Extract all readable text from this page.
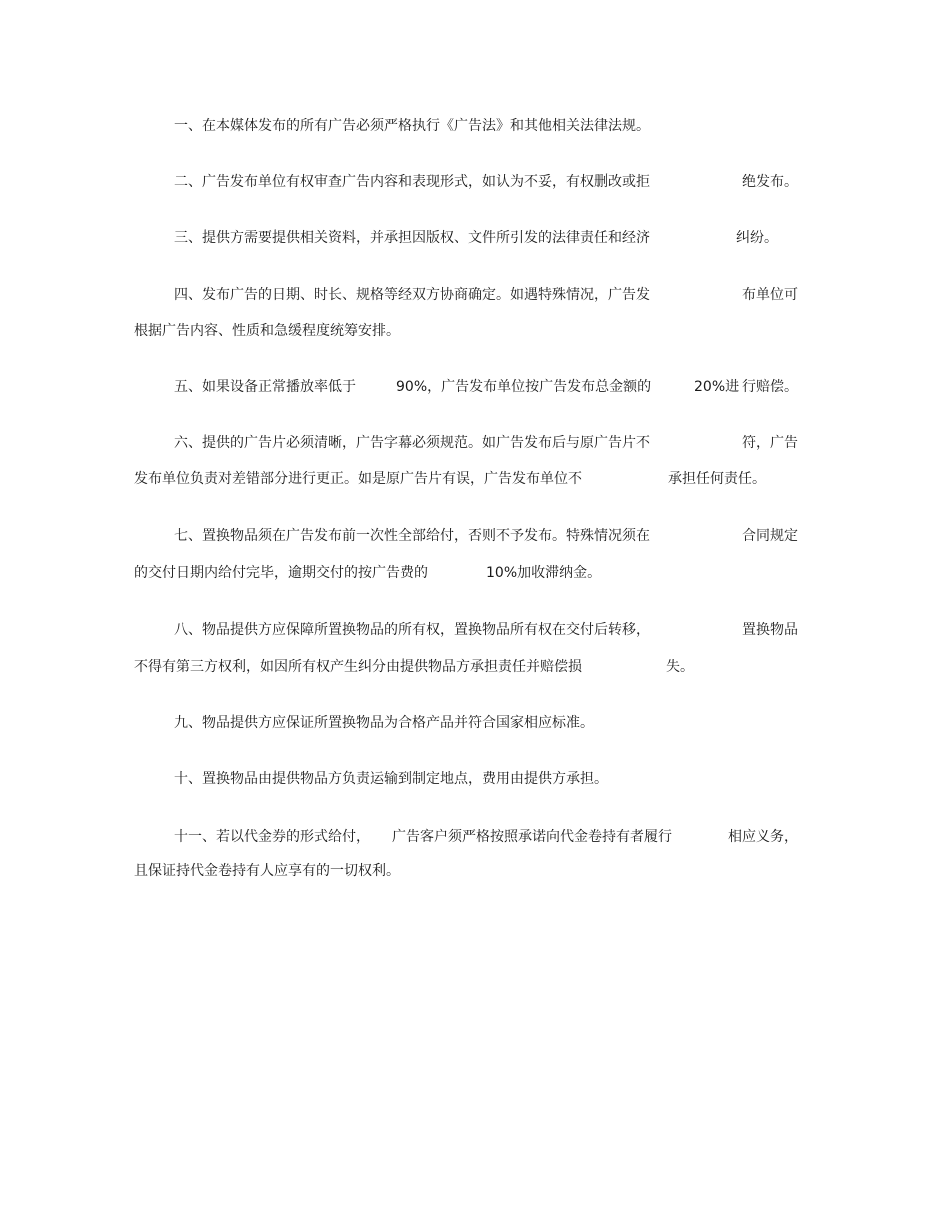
一、在本媒体发布的所有广告必须严格执行《广告法》和其他相关法律法规。
二、广告发布单位有权审查广告内容和表现形式，如认为不妥，有权删改或拒	绝发布。
三、提供方需要提供相关资料，并承担因版权、文件所引发的法律责任和经济	纠纷。
四、发布广告的日期、时长、规格等经双方协商确定。如遇特殊情况，广告发	布单位可
根据广告内容、性质和急缓程度统筹安排。
五、如果设备正常播放率低于	90%，广告发布单位按广告发布总金额的	20%进 行赔偿。
六、提供的广告片必须清晰，广告字幕必须规范。如广告发布后与原广告片不	符，广告
发布单位负责对差错部分进行更正。如是原广告片有误，广告发布单位不	承担任何责任。
七、置换物品须在广告发布前一次性全部给付，否则不予发布。特殊情况须在	合同规定
的交付日期内给付完毕，逾期交付的按广告费的	10%加收滞纳金。
八、物品提供方应保障所置换物品的所有权，置换物品所有权在交付后转移，	置换物品
不得有第三方权利，如因所有权产生纠分由提供物品方承担责任并赔偿损	失。
九、物品提供方应保证所置换物品为合格产品并符合国家相应标准。
十、置换物品由提供物品方负责运输到制定地点，费用由提供方承担。
十一、若以代金券的形式给付， 广告客户须严格按照承诺向代金卷持有者履行	相应义务，
且保证持代金卷持有人应享有的一切权利。
